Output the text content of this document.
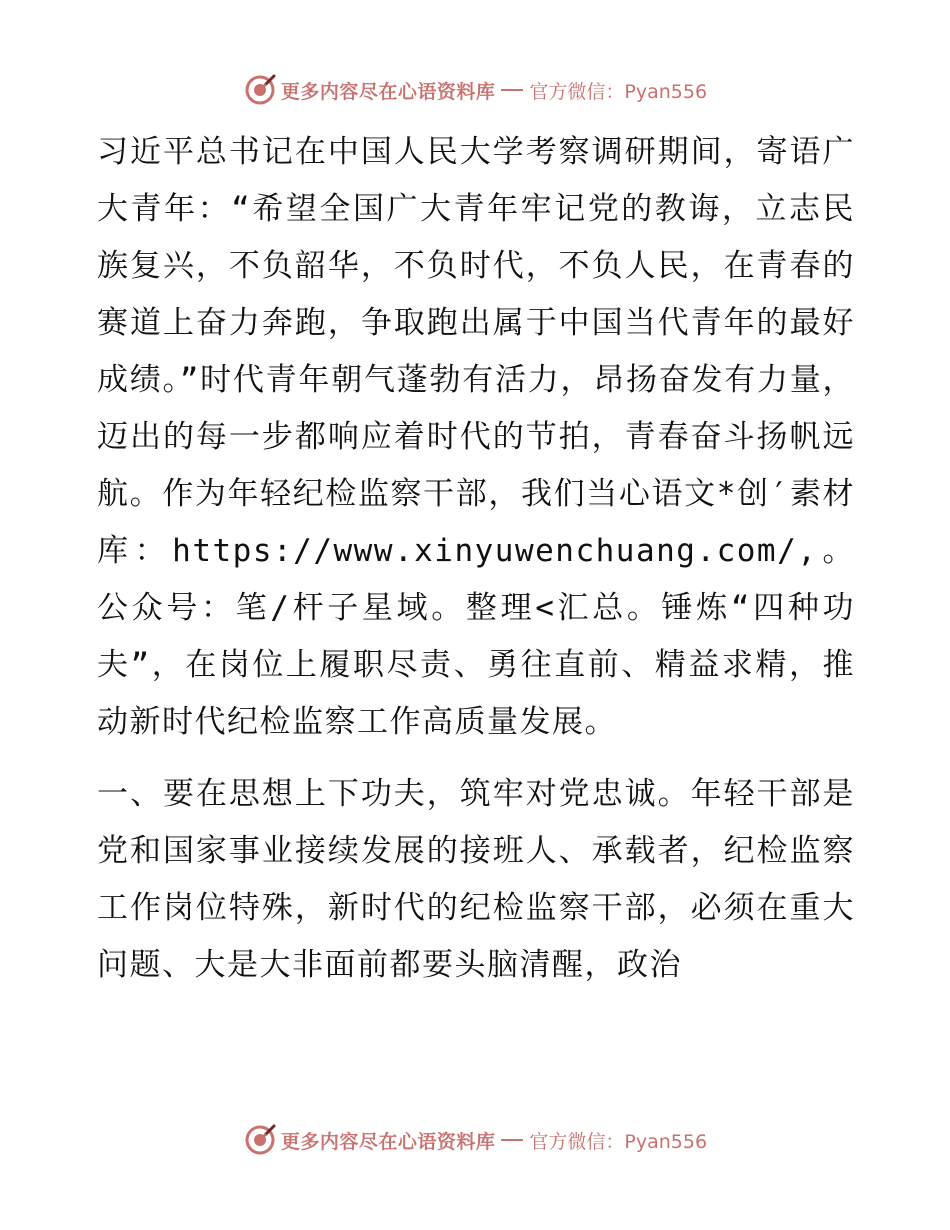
更多内容尽在心语资料库 官方微信：Pyan556

习近平总书记在中国人民大学考察调研期间，寄语广大青年：“希望全国广大青年牢记党的教诲，立志民族复兴，不负韶华，不负时代，不负人民，在青春的赛道上奋力奔跑，争取跑出属于中国当代青年的最好成绩。”时代青年朝气蓬勃有活力，昂扬奋发有力量，迈出的每一步都响应着时代的节拍，青春奋斗扬帆远航。作为年轻纪检监察干部，我们当心语文*创′素材库：https://www.xinyuwenchuang.com/,。公众号：笔/杆子星域。整理<汇总。锤炼“四种功夫”，在岗位上履职尽责、勇往直前、精益求精，推动新时代纪检监察工作高质量发展。

一、要在思想上下功夫，筑牢对党忠诚。年轻干部是党和国家事业接续发展的接班人、承载者，纪检监察工作岗位特殊，新时代的纪检监察干部，必须在重大问题、大是大非面前都要头脑清醒，政治

更多内容尽在心语资料库 官方微信：Pyan556
